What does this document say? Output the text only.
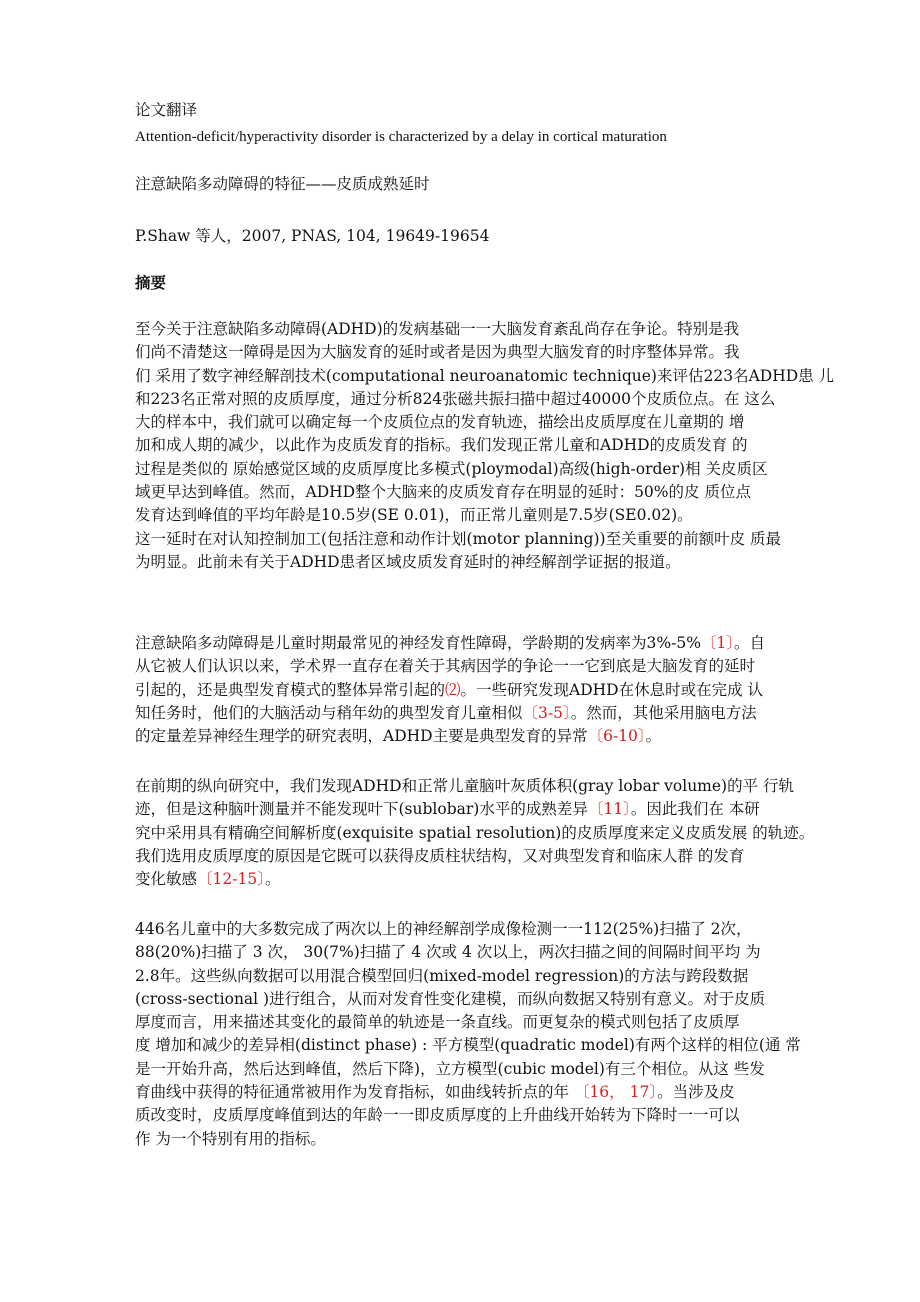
论文翻译
Attention-deficit/hyperactivity disorder is characterized by a delay in cortical maturation
注意缺陷多动障碍的特征——皮质成熟延时
P.Shaw 等人，2007, PNAS, 104, 19649-19654
摘要
至今关于注意缺陷多动障碍(ADHD)的发病基础一一大脑发育紊乱尚存在争论。特别是我
们尚不清楚这一障碍是因为大脑发育的延时或者是因为典型大脑发育的时序整体异常。我
们 采用了数字神经解剖技术(computational neuroanatomic technique)来评估223名ADHD患 儿
和223名正常对照的皮质厚度，通过分析824张磁共振扫描中超过40000个皮质位点。在 这么
大的样本中，我们就可以确定每一个皮质位点的发育轨迹，描绘出皮质厚度在儿童期的 增
加和成人期的减少，以此作为皮质发育的指标。我们发现正常儿童和ADHD的皮质发育 的
过程是类似的 原始感觉区域的皮质厚度比多模式(ploymodal)高级(high-order)相 关皮质区
域更早达到峰值。然而，ADHD整个大脑来的皮质发育存在明显的延时：50%的皮 质位点
发育达到峰值的平均年龄是10.5岁(SE 0.01)，而正常儿童则是7.5岁(SE0.02)。
这一延时在对认知控制加工(包括注意和动作计划(motor planning))至关重要的前额叶皮 质最
为明显。此前未有关于ADHD患者区域皮质发育延时的神经解剖学证据的报道。
注意缺陷多动障碍是儿童时期最常见的神经发育性障碍，学龄期的发病率为3%-5%〔1〕。自
从它被人们认识以来，学术界一直存在着关于其病因学的争论一一它到底是大脑发育的延时
引起的，还是典型发育模式的整体异常引起的⑵。一些研究发现ADHD在休息时或在完成 认
知任务时，他们的大脑活动与稍年幼的典型发育儿童相似〔3-5〕。然而，其他采用脑电方法
的定量差异神经生理学的研究表明，ADHD主要是典型发育的异常〔6-10〕。
在前期的纵向研究中，我们发现ADHD和正常儿童脑叶灰质体积(gray lobar volume)的平 行轨
迹，但是这种脑叶测量并不能发现叶下(sublobar)水平的成熟差异〔11〕。因此我们在 本研
究中采用具有精确空间解析度(exquisite spatial resolution)的皮质厚度来定义皮质发展 的轨迹。
我们选用皮质厚度的原因是它既可以获得皮质柱状结构，又对典型发育和临床人群 的发育
变化敏感〔12-15〕。
446名儿童中的大多数完成了两次以上的神经解剖学成像检测一一112(25%)扫描了 2次，
88(20%)扫描了 3 次， 30(7%)扫描了 4 次或 4 次以上，两次扫描之间的间隔时间平均 为
2.8年。这些纵向数据可以用混合模型回归(mixed-model regression)的方法与跨段数据
(cross-sectional )进行组合，从而对发育性变化建模，而纵向数据又特别有意义。对于皮质
厚度而言，用来描述其变化的最简单的轨迹是一条直线。而更复杂的模式则包括了皮质厚
度 增加和减少的差异相(distinct phase) : 平方模型(quadratic model)有两个这样的相位(通 常
是一开始升高，然后达到峰值，然后下降)，立方模型(cubic model)有三个相位。从这 些发
育曲线中获得的特征通常被用作为发育指标，如曲线转折点的年 〔16， 17〕。当涉及皮
质改变时，皮质厚度峰值到达的年龄一一即皮质厚度的上升曲线开始转为下降时一一可以
作 为一个特别有用的指标。
